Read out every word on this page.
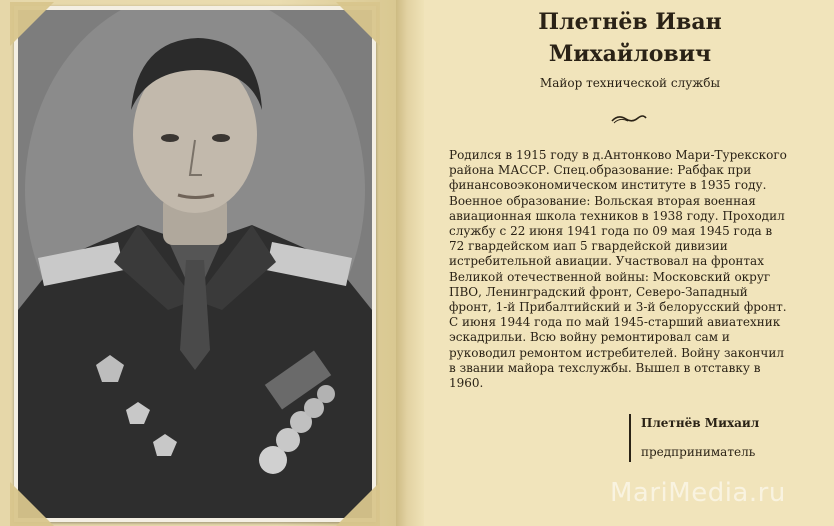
Плетнёв Иван
Михайлович
Майор технической службы
Родился в 1915 году в д.Антонково Мари-Турекского района МАССР. Спец.образование: Рабфак при финансовоэкономическом институте в 1935 году. Военное образование: Вольская вторая военная авиационная школа техников в 1938 году. Проходил службу с 22 июня 1941 года по 09 мая 1945 года в 72 гвардейском иап 5 гвардейской дивизии истребительной авиации. Участвовал на фронтах Великой отечественной войны: Московский округ ПВО, Ленинградский фронт, Северо-Западный фронт, 1-й Прибалтийский и 3-й белорусский фронт. С июня 1944 года по май 1945-старший авиатехник эскадрильи. Всю войну ремонтировал сам и руководил ремонтом истребителей. Войну закончил в звании майора техслужбы. Вышел в отставку в 1960.
Плетнёв Михаил
предприниматель
MariMedia.ru
